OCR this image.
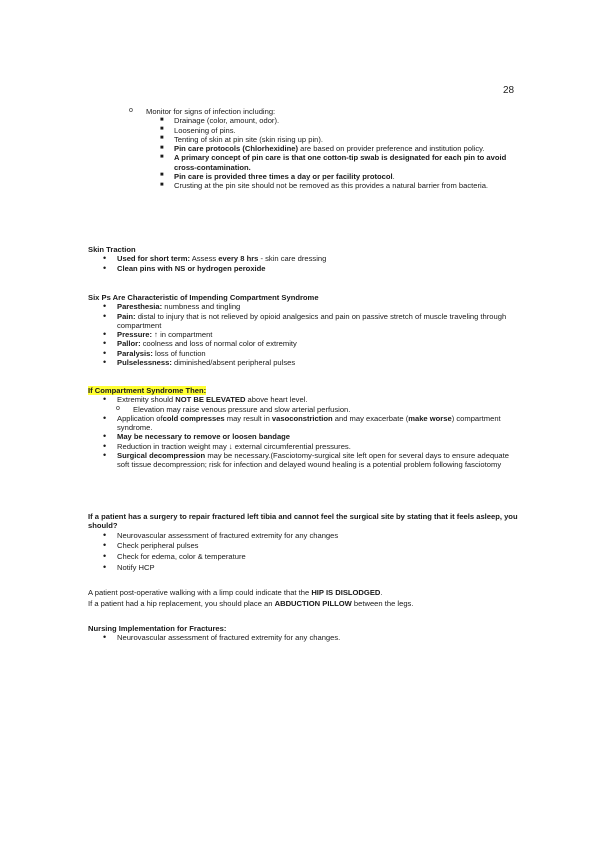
28
o Monitor for signs of infection including:
■ Drainage (color, amount, odor).
■ Loosening of pins.
■ Tenting of skin at pin site (skin rising up pin).
■ Pin care protocols (Chlorhexidine) are based on provider preference and institution policy.
■ A primary concept of pin care is that one cotton-tip swab is designated for each pin to avoid cross-contamination.
■ Pin care is provided three times a day or per facility protocol.
■ Crusting at the pin site should not be removed as this provides a natural barrier from bacteria.
Skin Traction
• Used for short term: Assess every 8 hrs - skin care dressing
• Clean pins with NS or hydrogen peroxide
Six Ps Are Characteristic of Impending Compartment Syndrome
• Paresthesia: numbness and tingling
• Pain: distal to injury that is not relieved by opioid analgesics and pain on passive stretch of muscle traveling through compartment
• Pressure: ↑ in compartment
• Pallor: coolness and loss of normal color of extremity
• Paralysis: loss of function
• Pulselessness: diminished/absent peripheral pulses
If Compartment Syndrome Then:
• Extremity should NOT BE ELEVATED above heart level.
o Elevation may raise venous pressure and slow arterial perfusion.
• Application ofcold compresses may result in vasoconstriction and may exacerbate (make worse) compartment syndrome.
• May be necessary to remove or loosen bandage
• Reduction in traction weight may ↓ external circumferential pressures.
• Surgical decompression may be necessary.(Fasciotomy-surgical site left open for several days to ensure adequate soft tissue decompression; risk for infection and delayed wound healing is a potential problem following fasciotomy
If a patient has a surgery to repair fractured left tibia and cannot feel the surgical site by stating that it feels asleep, you should?
• Neurovascular assessment of fractured extremity for any changes
• Check peripheral pulses
• Check for edema, color & temperature
• Notify HCP

A patient post-operative walking with a limp could indicate that the HIP IS DISLODGED.

If a patient had a hip replacement, you should place an ABDUCTION PILLOW between the legs.

Nursing Implementation for Fractures:
• Neurovascular assessment of fractured extremity for any changes.
